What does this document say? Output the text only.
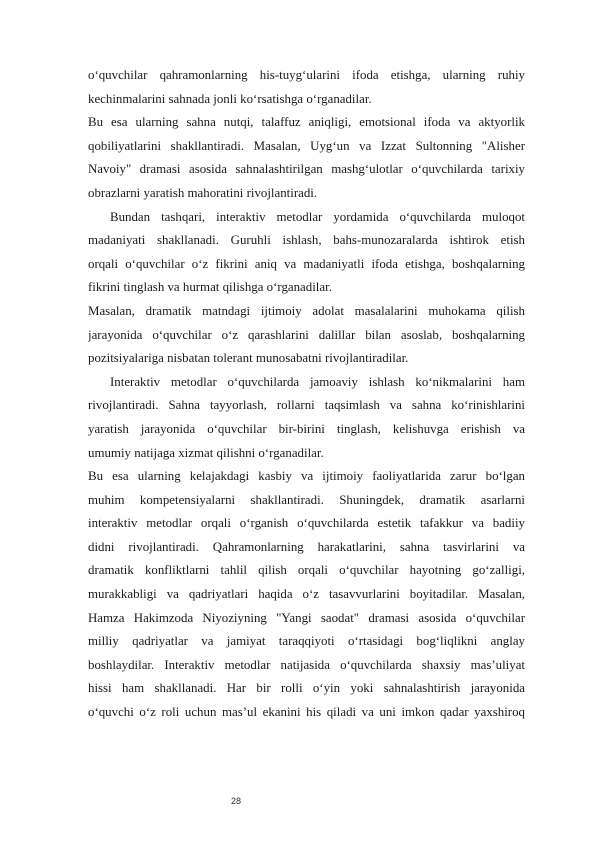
o‘quvchilar qahramonlarning his-tuyg‘ularini ifoda etishga, ularning ruhiy
kechinmalarini sahnada jonli ko‘rsatishga o‘rganadilar.
Bu esa ularning sahna nutqi, talaffuz aniqligi, emotsional ifoda va aktyorlik
qobiliyatlarini shakllantiradi. Masalan, Uyg‘un va Izzat Sultonning "Alisher
Navoiy" dramasi asosida sahnalashtirilgan mashg‘ulotlar o‘quvchilarda tarixiy
obrazlarni yaratish mahoratini rivojlantiradi.
Bundan tashqari, interaktiv metodlar yordamida o‘quvchilarda muloqot
madaniyati shakllanadi. Guruhli ishlash, bahs-munozaralarda ishtirok etish
orqali o‘quvchilar o‘z fikrini aniq va madaniyatli ifoda etishga, boshqalarning
fikrini tinglash va hurmat qilishga o‘rganadilar.
Masalan, dramatik matndagi ijtimoiy adolat masalalarini muhokama qilish
jarayonida o‘quvchilar o‘z qarashlarini dalillar bilan asoslab, boshqalarning
pozitsiyalariga nisbatan tolerant munosabatni rivojlantiradilar.
Interaktiv metodlar o‘quvchilarda jamoaviy ishlash ko‘nikmalarini ham
rivojlantiradi. Sahna tayyorlash, rollarni taqsimlash va sahna ko‘rinishlarini
yaratish jarayonida o‘quvchilar bir-birini tinglash, kelishuvga erishish va
umumiy natijaga xizmat qilishni o‘rganadilar.
Bu esa ularning kelajakdagi kasbiy va ijtimoiy faoliyatlarida zarur bo‘lgan
muhim kompetensiyalarni shakllantiradi. Shuningdek, dramatik asarlarni
interaktiv metodlar orqali o‘rganish o‘quvchilarda estetik tafakkur va badiiy
didni rivojlantiradi. Qahramonlarning harakatlarini, sahna tasvirlarini va
dramatik konfliktlarni tahlil qilish orqali o‘quvchilar hayotning go‘zalligi,
murakkabligi va qadriyatlari haqida o‘z tasavvurlarini boyitadilar. Masalan,
Hamza Hakimzoda Niyoziyning "Yangi saodat" dramasi asosida o‘quvchilar
milliy qadriyatlar va jamiyat taraqqiyoti o‘rtasidagi bog‘liqlikni anglay
boshlaydilar. Interaktiv metodlar natijasida o‘quvchilarda shaxsiy mas’uliyat
hissi ham shakllanadi. Har bir rolli o‘yin yoki sahnalashtirish jarayonida
o‘quvchi o‘z roli uchun mas’ul ekanini his qiladi va uni imkon qadar yaxshiroq
28
